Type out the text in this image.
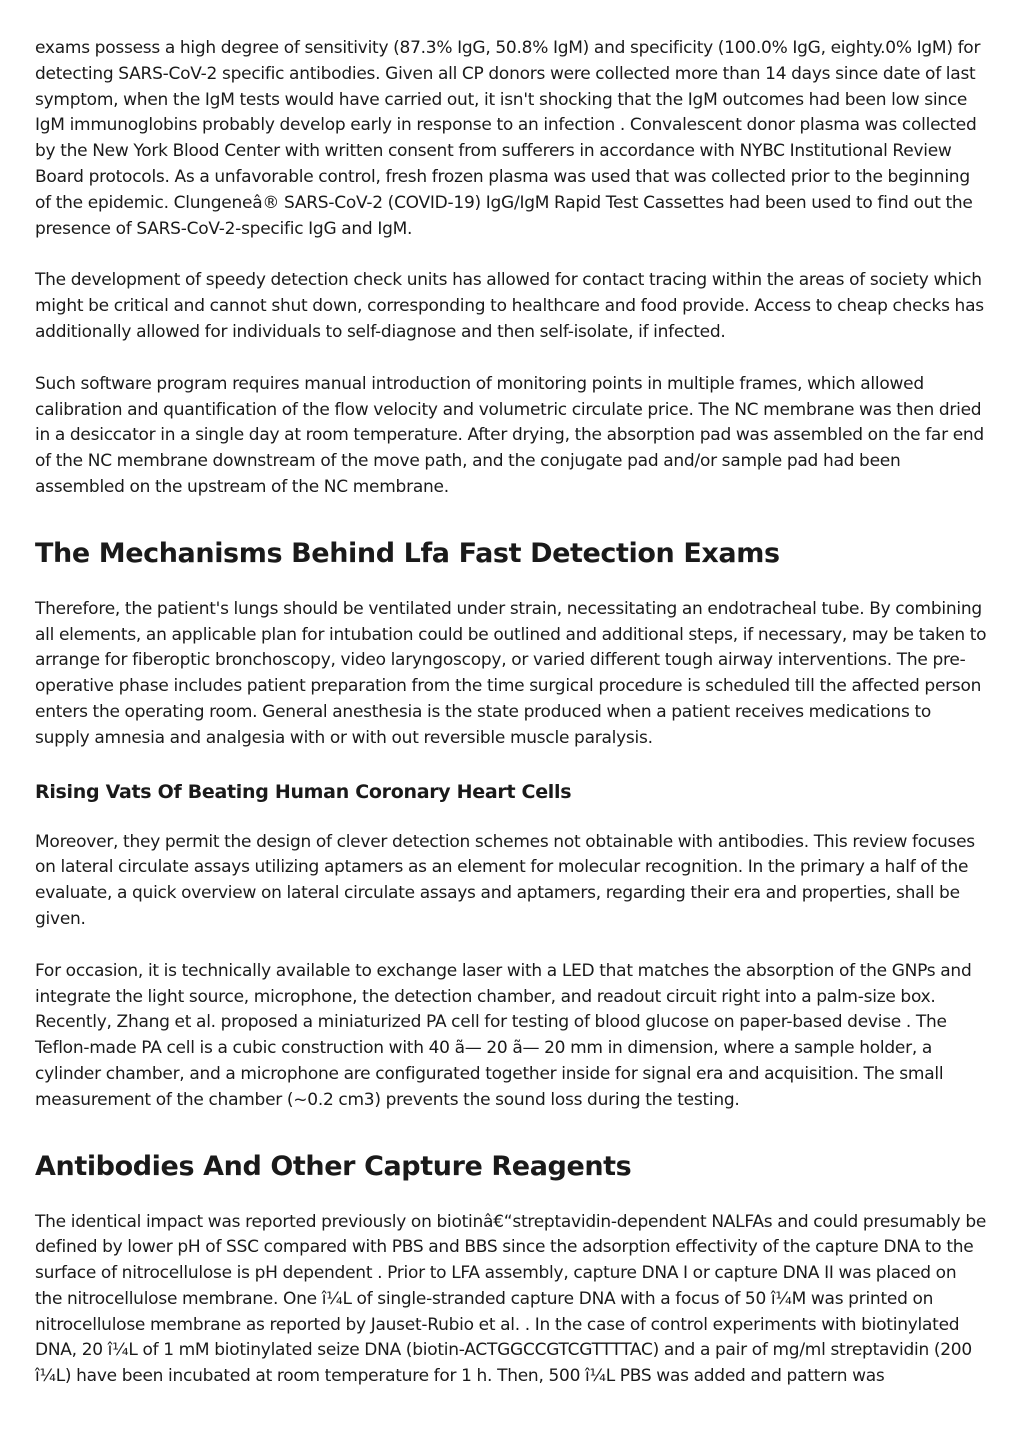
exams possess a high degree of sensitivity (87.3% IgG, 50.8% IgM) and specificity (100.0% IgG, eighty.0% IgM) for detecting SARS-CoV-2 specific antibodies. Given all CP donors were collected more than 14 days since date of last symptom, when the IgM tests would have carried out, it isn't shocking that the IgM outcomes had been low since IgM immunoglobins probably develop early in response to an infection . Convalescent donor plasma was collected by the New York Blood Center with written consent from sufferers in accordance with NYBC Institutional Review Board protocols. As a unfavorable control, fresh frozen plasma was used that was collected prior to the beginning of the epidemic. Clungeneâ® SARS-CoV-2 (COVID-19) IgG/IgM Rapid Test Cassettes had been used to find out the presence of SARS-CoV-2-specific IgG and IgM.

The development of speedy detection check units has allowed for contact tracing within the areas of society which might be critical and cannot shut down, corresponding to healthcare and food provide. Access to cheap checks has additionally allowed for individuals to self-diagnose and then self-isolate, if infected.

Such software program requires manual introduction of monitoring points in multiple frames, which allowed calibration and quantification of the flow velocity and volumetric circulate price. The NC membrane was then dried in a desiccator in a single day at room temperature. After drying, the absorption pad was assembled on the far end of the NC membrane downstream of the move path, and the conjugate pad and/or sample pad had been assembled on the upstream of the NC membrane.

The Mechanisms Behind Lfa Fast Detection Exams

Therefore, the patient's lungs should be ventilated under strain, necessitating an endotracheal tube. By combining all elements, an applicable plan for intubation could be outlined and additional steps, if necessary, may be taken to arrange for fiberoptic bronchoscopy, video laryngoscopy, or varied different tough airway interventions. The pre-operative phase includes patient preparation from the time surgical procedure is scheduled till the affected person enters the operating room. General anesthesia is the state produced when a patient receives medications to supply amnesia and analgesia with or with out reversible muscle paralysis.

Rising Vats Of Beating Human Coronary Heart Cells

Moreover, they permit the design of clever detection schemes not obtainable with antibodies. This review focuses on lateral circulate assays utilizing aptamers as an element for molecular recognition. In the primary a half of the evaluate, a quick overview on lateral circulate assays and aptamers, regarding their era and properties, shall be given.

For occasion, it is technically available to exchange laser with a LED that matches the absorption of the GNPs and integrate the light source, microphone, the detection chamber, and readout circuit right into a palm-size box. Recently, Zhang et al. proposed a miniaturized PA cell for testing of blood glucose on paper-based devise . The Teflon-made PA cell is a cubic construction with 40 ã— 20 ã— 20 mm in dimension, where a sample holder, a cylinder chamber, and a microphone are configurated together inside for signal era and acquisition. The small measurement of the chamber (~0.2 cm3) prevents the sound loss during the testing.

Antibodies And Other Capture Reagents

The identical impact was reported previously on biotinâ€“streptavidin-dependent NALFAs and could presumably be defined by lower pH of SSC compared with PBS and BBS since the adsorption effectivity of the capture DNA to the surface of nitrocellulose is pH dependent . Prior to LFA assembly, capture DNA I or capture DNA II was placed on the nitrocellulose membrane. One î¼L of single-stranded capture DNA with a focus of 50 î¼M was printed on nitrocellulose membrane as reported by Jauset-Rubio et al. . In the case of control experiments with biotinylated DNA, 20 î¼L of 1 mM biotinylated seize DNA (biotin-ACTGGCCGTCGTTTTAC) and a pair of mg/ml streptavidin (200 î¼L) have been incubated at room temperature for 1 h. Then, 500 î¼L PBS was added and pattern was
